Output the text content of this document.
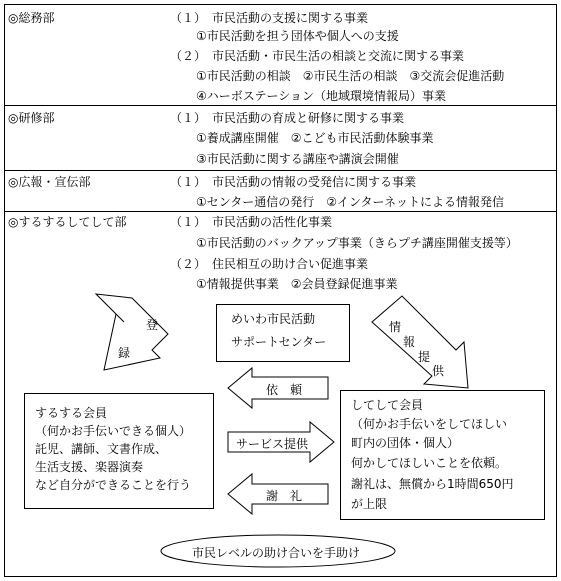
◎総務部	（１）　市民活動の支援に関する事業
①市民活動を担う団体や個人への支援
（２）　市民活動・市民生活の相談と交流に関する事業
①市民活動の相談　②市民生活の相談　③交流会促進活動
④ハーボステーション（地域環境情報局）事業
◎研修部	（１）　市民活動の育成と研修に関する事業
①養成講座開催　②こども市民活動体験事業
③市民活動に関する講座や講演会開催
◎広報・宣伝部	（１）　市民活動の情報の受発信に関する事業
①センター通信の発行　②インターネットによる情報発信
◎するするしてして部	（１）　市民活動の活性化事業
①市民活動のバックアップ事業（きらプチ講座開催支援等）
（２）　住民相互の助け合い促進事業
①情報提供事業　②会員登録促進事業
めいわ市民活動
サポートセンター
登
録
情
報
提
供
依　頼
サービス提供
謝　礼
するする会員
（何かお手伝いできる個人）
託児、講師、文書作成、
生活支援、楽器演奏
など自分ができることを行う
してして会員
（何かお手伝いをしてほしい
町内の団体・個人）
何かしてほしいことを依頼。
謝礼は、無償から1時間650円
が上限
市民レベルの助け合いを手助け
